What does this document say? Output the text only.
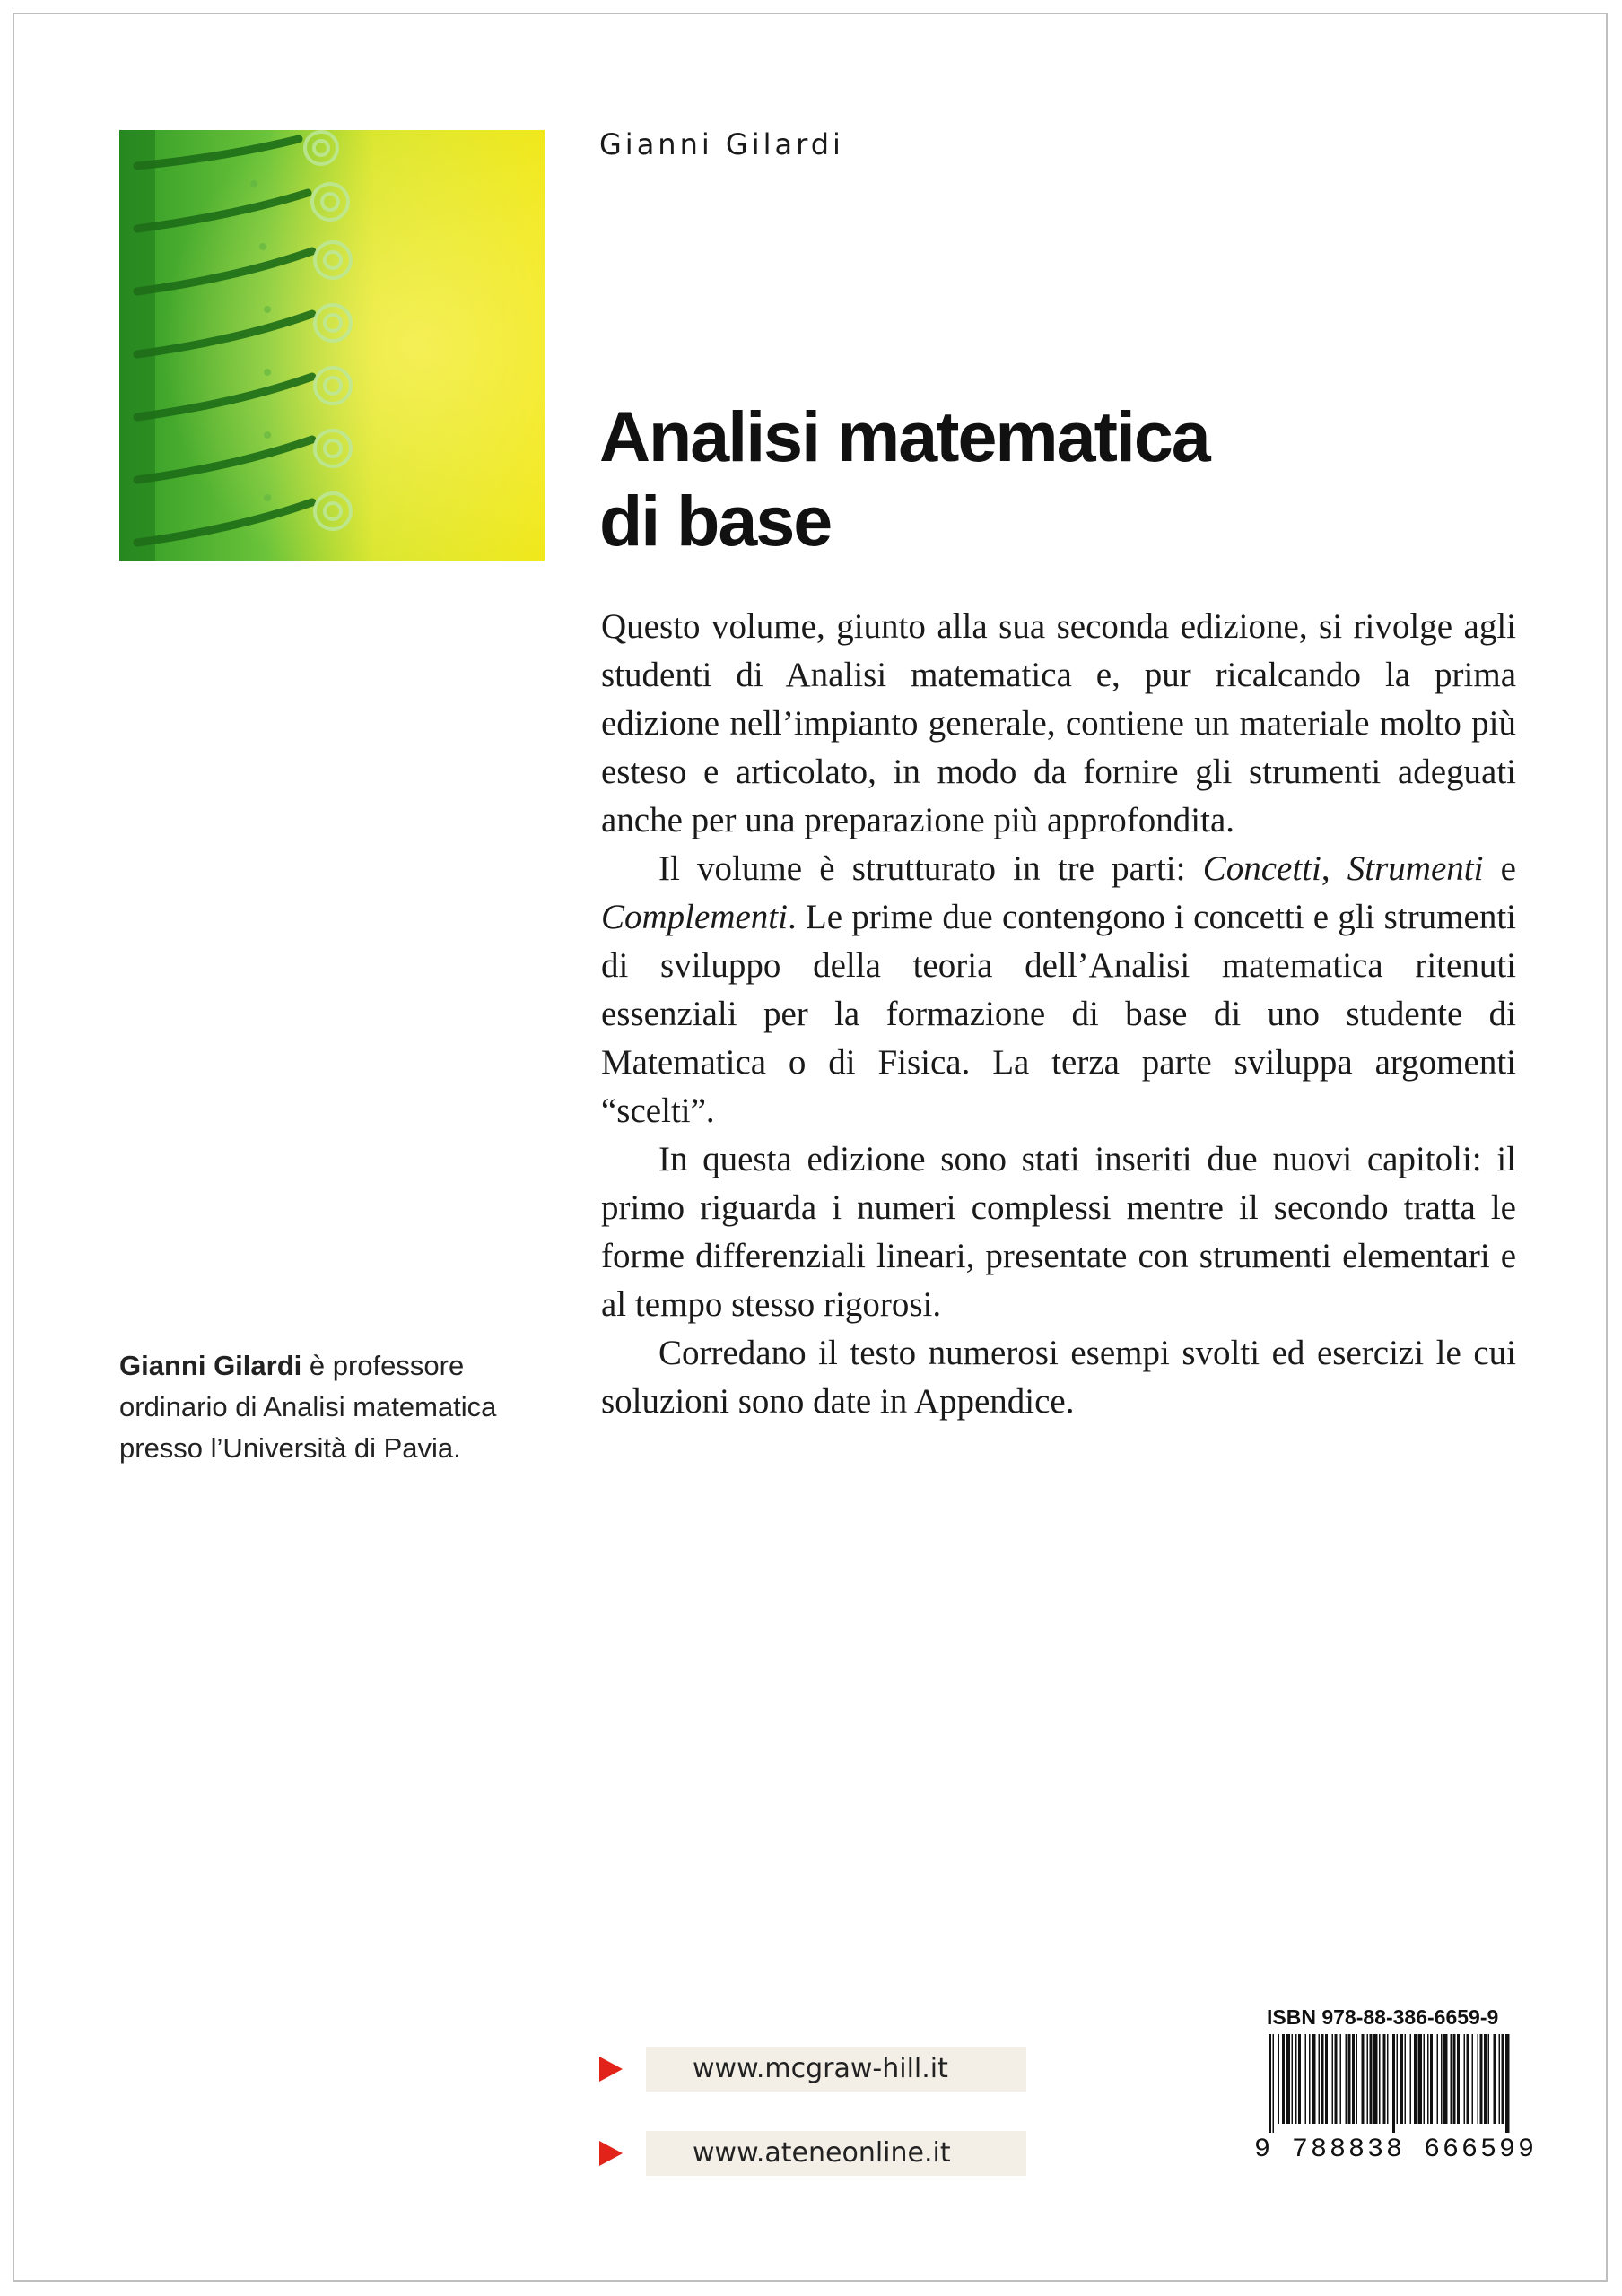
Gianni Gilardi
Analisi matematica
di base

Questo volume, giunto alla sua seconda edizione, si rivolge agli studenti di Analisi matematica e, pur ricalcando la prima edizione nell’impianto generale, contiene un materiale molto più esteso e articolato, in modo da fornire gli strumenti adeguati anche per una preparazione più approfondita.

Il volume è strutturato in tre parti: Concetti, Strumenti e Complementi. Le prime due contengono i concetti e gli strumenti di sviluppo della teoria dell’Analisi matematica ritenuti essenziali per la formazione di base di uno studente di Matematica o di Fisica. La terza parte sviluppa argomenti “scelti”.

In questa edizione sono stati inseriti due nuovi capitoli: il primo riguarda i numeri complessi mentre il secondo tratta le forme differenziali lineari, presentate con strumenti elementari e al tempo stesso rigorosi.

Corredano il testo numerosi esempi svolti ed esercizi le cui soluzioni sono date in Appendice.

Gianni Gilardi è professore ordinario di Analisi matematica presso l’Università di Pavia.
www.mcgraw-hill.it
www.ateneonline.it
ISBN 978-88-386-6659-9
9 788838 666599
